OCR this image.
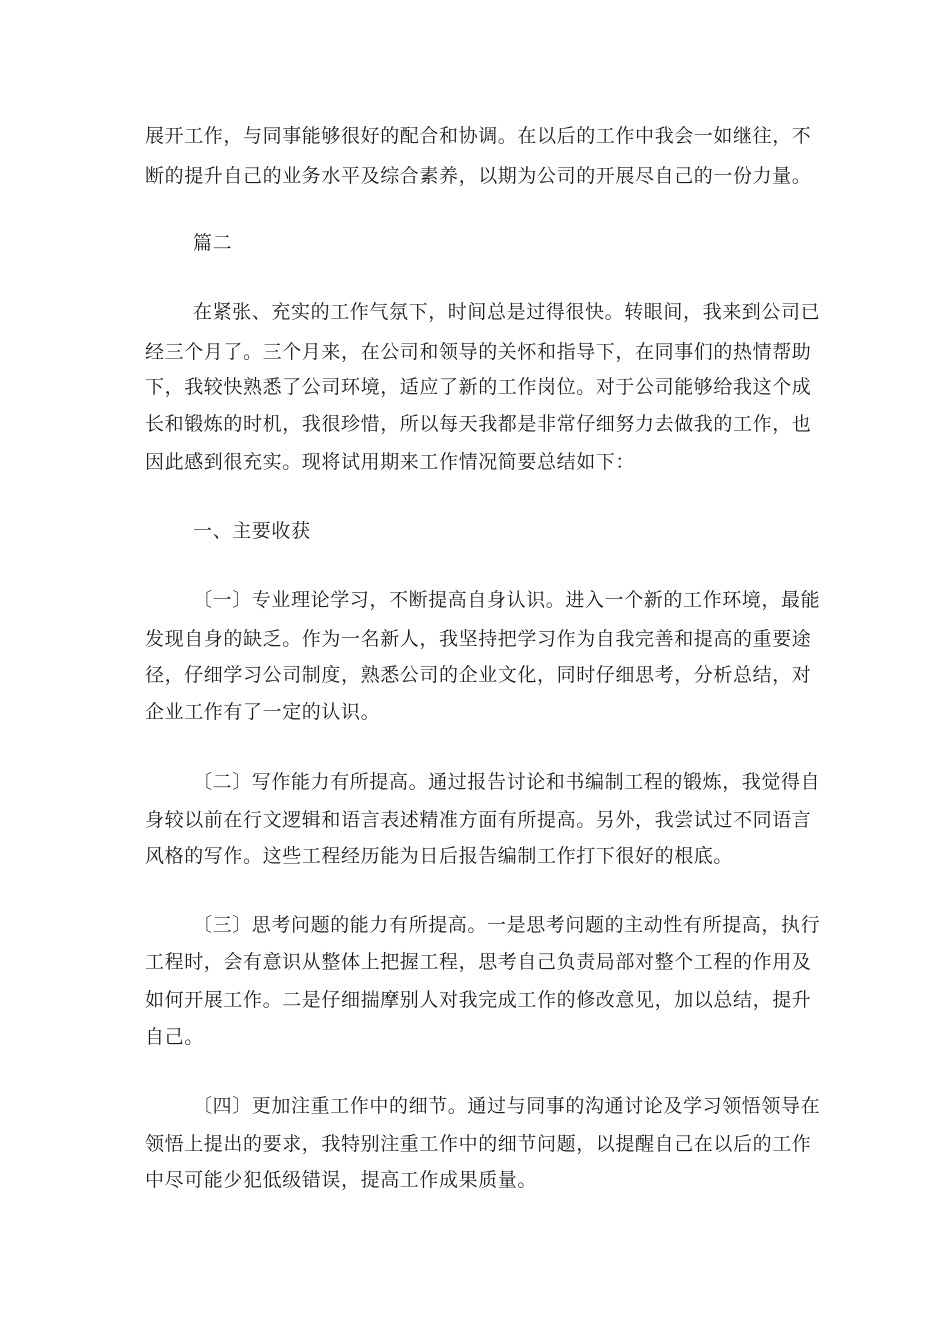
展开工作，与同事能够很好的配合和协调。在以后的工作中我会一如继往，不
断的提升自己的业务水平及综合素养，以期为公司的开展尽自己的一份力量。
篇二
在紧张、充实的工作气氛下，时间总是过得很快。转眼间，我来到公司已
经三个月了。三个月来，在公司和领导的关怀和指导下，在同事们的热情帮助
下，我较快熟悉了公司环境，适应了新的工作岗位。对于公司能够给我这个成
长和锻炼的时机，我很珍惜，所以每天我都是非常仔细努力去做我的工作，也
因此感到很充实。现将试用期来工作情况简要总结如下：
一、主要收获
〔一〕专业理论学习，不断提高自身认识。进入一个新的工作环境，最能
发现自身的缺乏。作为一名新人，我坚持把学习作为自我完善和提高的重要途
径，仔细学习公司制度，熟悉公司的企业文化，同时仔细思考，分析总结，对
企业工作有了一定的认识。
〔二〕写作能力有所提高。通过报告讨论和书编制工程的锻炼，我觉得自
身较以前在行文逻辑和语言表述精准方面有所提高。另外，我尝试过不同语言
风格的写作。这些工程经历能为日后报告编制工作打下很好的根底。
〔三〕思考问题的能力有所提高。一是思考问题的主动性有所提高，执行
工程时，会有意识从整体上把握工程，思考自己负责局部对整个工程的作用及
如何开展工作。二是仔细揣摩别人对我完成工作的修改意见，加以总结，提升
自己。
〔四〕更加注重工作中的细节。通过与同事的沟通讨论及学习领悟领导在
领悟上提出的要求，我特别注重工作中的细节问题，以提醒自己在以后的工作
中尽可能少犯低级错误，提高工作成果质量。
